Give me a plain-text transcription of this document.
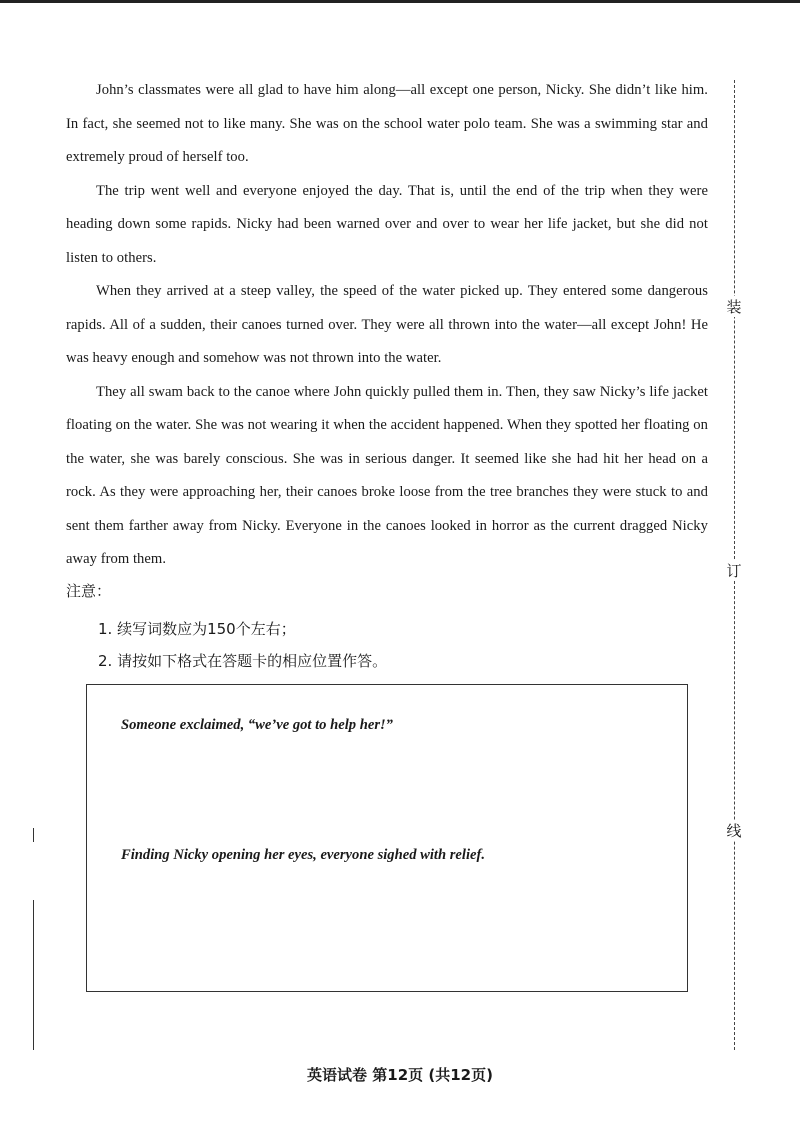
John’s classmates were all glad to have him along—all except one person, Nicky. She didn’t like him. In fact, she seemed not to like many. She was on the school water polo team. She was a swimming star and extremely proud of herself too.

The trip went well and everyone enjoyed the day. That is, until the end of the trip when they were heading down some rapids. Nicky had been warned over and over to wear her life jacket, but she did not listen to others.

When they arrived at a steep valley, the speed of the water picked up. They entered some dangerous rapids. All of a sudden, their canoes turned over. They were all thrown into the water—all except John! He was heavy enough and somehow was not thrown into the water.

They all swam back to the canoe where John quickly pulled them in. Then, they saw Nicky’s life jacket floating on the water. She was not wearing it when the accident happened. When they spotted her floating on the water, she was barely conscious. She was in serious danger. It seemed like she had hit her head on a rock. As they were approaching her, their canoes broke loose from the tree branches they were stuck to and sent them farther away from Nicky. Everyone in the canoes looked in horror as the current dragged Nicky away from them.

注意：
1. 续写词数应为150个左右；
2. 请按如下格式在答题卡的相应位置作答。
Someone exclaimed, “we’ve got to help her!”
Finding Nicky opening her eyes, everyone sighed with relief.
装
订
线
英语试卷 第12页 (共12页)
